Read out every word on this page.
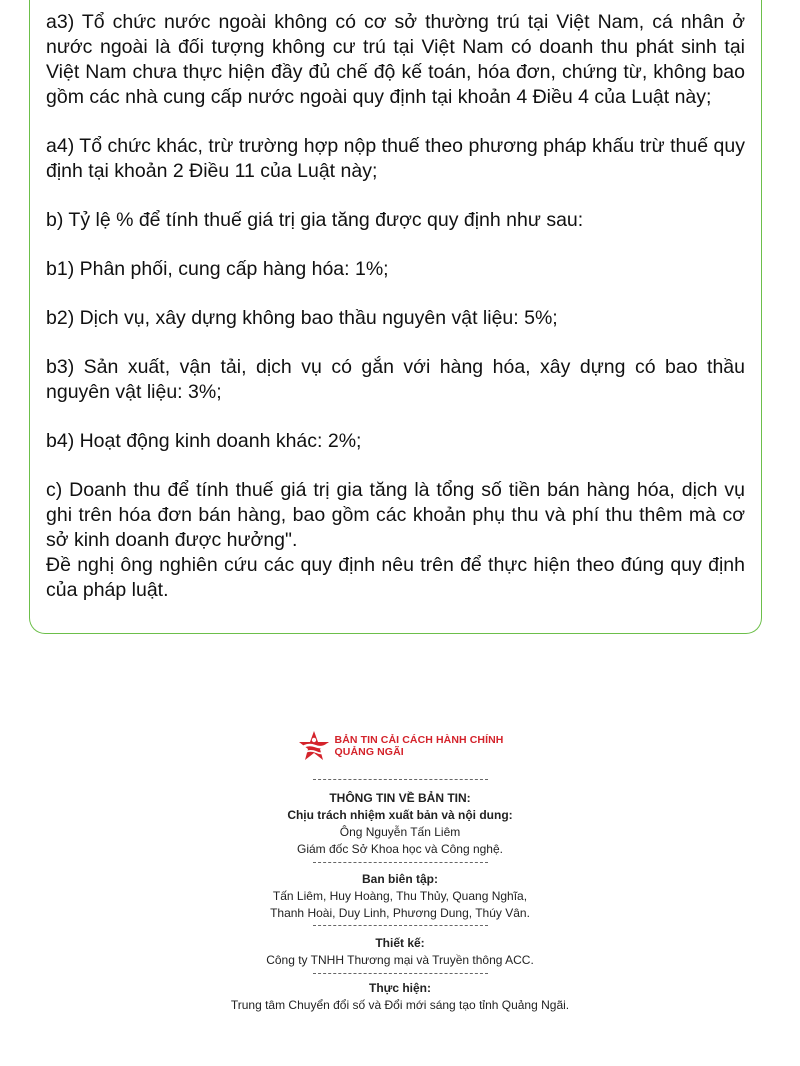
a3) Tổ chức nước ngoài không có cơ sở thường trú tại Việt Nam, cá nhân ở nước ngoài là đối tượng không cư trú tại Việt Nam có doanh thu phát sinh tại Việt Nam chưa thực hiện đầy đủ chế độ kế toán, hóa đơn, chứng từ, không bao gồm các nhà cung cấp nước ngoài quy định tại khoản 4 Điều 4 của Luật này;

a4) Tổ chức khác, trừ trường hợp nộp thuế theo phương pháp khấu trừ thuế quy định tại khoản 2 Điều 11 của Luật này;

b) Tỷ lệ % để tính thuế giá trị gia tăng được quy định như sau:

b1) Phân phối, cung cấp hàng hóa: 1%;

b2) Dịch vụ, xây dựng không bao thầu nguyên vật liệu: 5%;

b3) Sản xuất, vận tải, dịch vụ có gắn với hàng hóa, xây dựng có bao thầu nguyên vật liệu: 3%;

b4) Hoạt động kinh doanh khác: 2%;

c) Doanh thu để tính thuế giá trị gia tăng là tổng số tiền bán hàng hóa, dịch vụ ghi trên hóa đơn bán hàng, bao gồm các khoản phụ thu và phí thu thêm mà cơ sở kinh doanh được hưởng".

Đề nghị ông nghiên cứu các quy định nêu trên để thực hiện theo đúng quy định của pháp luật.

BẢN TIN CẢI CÁCH HÀNH CHÍNH
QUẢNG NGÃI
THÔNG TIN VỀ BẢN TIN:
Chịu trách nhiệm xuất bản và nội dung:
Ông Nguyễn Tấn Liêm
Giám đốc Sở Khoa học và Công nghệ.
Ban biên tập:
Tấn Liêm, Huy Hoàng, Thu Thủy, Quang Nghĩa,
Thanh Hoài, Duy Linh, Phương Dung, Thúy Vân.
Thiết kế:
Công ty TNHH Thương mại và Truyền thông ACC.
Thực hiện:
Trung tâm Chuyển đổi số và Đổi mới sáng tạo tỉnh Quảng Ngãi.
